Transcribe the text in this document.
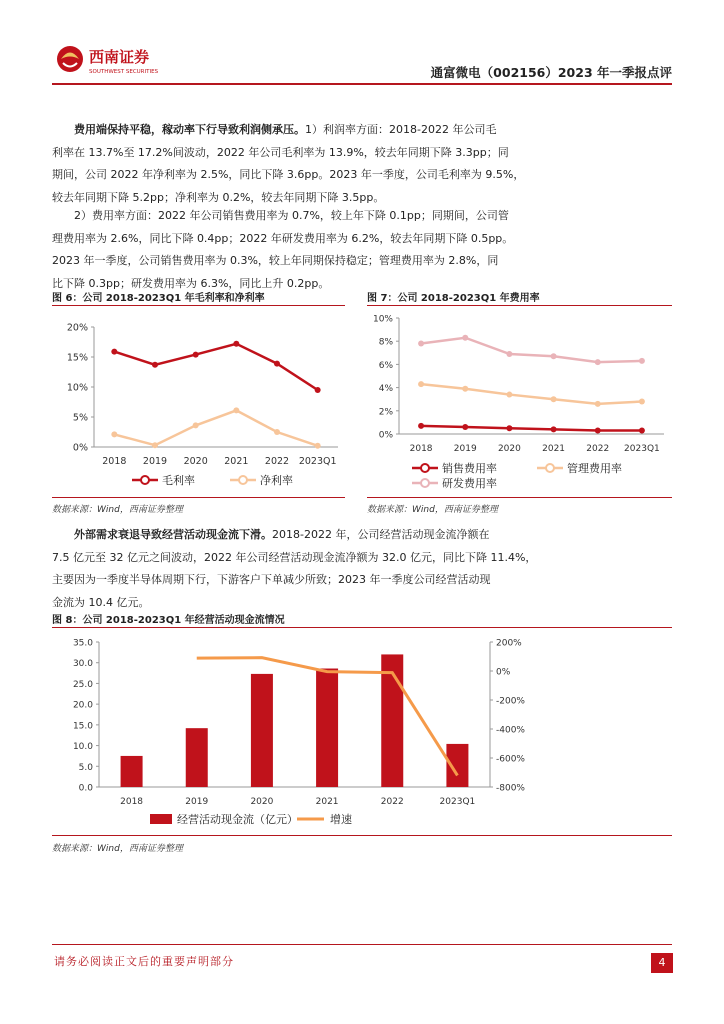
西南证券
SOUTHWEST SECURITIES	通富微电（002156）2023 年一季报点评
费用端保持平稳，稼动率下行导致利润侧承压。1）利润率方面：2018-2022 年公司毛
利率在 13.7%至 17.2%间波动，2022 年公司毛利率为 13.9%，较去年同期下降 3.3pp；同
期间，公司 2022 年净利率为 2.5%，同比下降 3.6pp。2023 年一季度，公司毛利率为 9.5%，
较去年同期下降 5.2pp；净利率为 0.2%，较去年同期下降 3.5pp。
2）费用率方面：2022 年公司销售费用率为 0.7%，较上年下降 0.1pp；同期间，公司管
理费用率为 2.6%，同比下降 0.4pp；2022 年研发费用率为 6.2%，较去年同期下降 0.5pp。
2023 年一季度，公司销售费用率为 0.3%，较上年同期保持稳定；管理费用率为 2.8%，同
比下降 0.3pp；研发费用率为 6.3%，同比上升 0.2pp。
图 6：公司 2018-2023Q1 年毛利率和净利率
0%
5%
10%
15%
20%
2018 2019 2020 2021 2022 2023Q1
毛利率	净利率
数据来源：Wind，西南证券整理
图 7：公司 2018-2023Q1 年费用率
0%
2%
4%
6%
8%
10%
2018 2019 2020 2021 2022 2023Q1
销售费用率	管理费用率
研发费用率
数据来源：Wind，西南证券整理
外部需求衰退导致经营活动现金流下滑。2018-2022 年，公司经营活动现金流净额在
7.5 亿元至 32 亿元之间波动，2022 年公司经营活动现金流净额为 32.0 亿元，同比下降 11.4%，
主要因为一季度半导体周期下行，下游客户下单减少所致；2023 年一季度公司经营活动现
金流为 10.4 亿元。
图 8：公司 2018-2023Q1 年经营活动现金流情况
0.0
5.0
10.0
15.0
20.0
25.0
30.0
35.0
-800%
-600%
-400%
-200%
0%
200%
2018	2019	2020	2021	2022	2023Q1
经营活动现金流（亿元）	增速
数据来源：Wind，西南证券整理
请务必阅读正文后的重要声明部分	4
